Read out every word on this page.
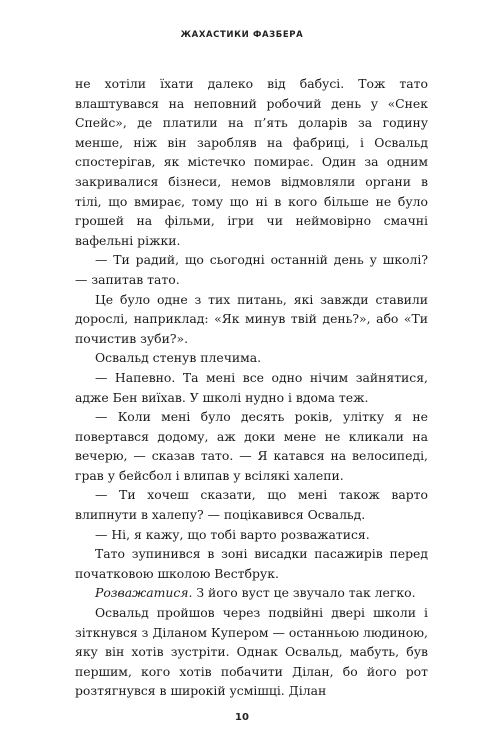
ЖАХАСТИКИ ФАЗБЕРА

не хотіли їхати далеко від бабусі. Тож тато влаштувався на неповний робочий день у «Снек Спейс», де платили на п’ять доларів за годину менше, ніж він заробляв на фабриці, і Освальд спостерігав, як містечко помирає. Один за одним закривалися бізнеси, немов відмовляли органи в тілі, що вмирає, тому що ні в кого більше не було грошей на фільми, ігри чи неймовірно смачні вафельні ріжки.

— Ти радий, що сьогодні останній день у школі? — запитав тато.

Це було одне з тих питань, які завжди ставили дорослі, наприклад: «Як минув твій день?», або «Ти почистив зуби?».

Освальд стенув плечима.

— Напевно. Та мені все одно нічим зайнятися, адже Бен виїхав. У школі нудно і вдома теж.

— Коли мені було десять років, улітку я не повертався додому, аж доки мене не кликали на вечерю, — сказав тато. — Я катався на велосипеді, грав у бейсбол і влипав у всілякі халепи.

— Ти хочеш сказати, що мені також варто влипнути в халепу? — поцікавився Освальд.

— Ні, я кажу, що тобі варто розважатися.

Тато зупинився в зоні висадки пасажирів перед початковою школою Вестбрук.

Розважатися. З його вуст це звучало так легко.

Освальд пройшов через подвійні двері школи і зіткнувся з Діланом Купером — останньою людиною, яку він хотів зустріти. Однак Освальд, мабуть, був першим, кого хотів побачити Ділан, бо його рот розтягнувся в широкій усмішці. Ділан

10
